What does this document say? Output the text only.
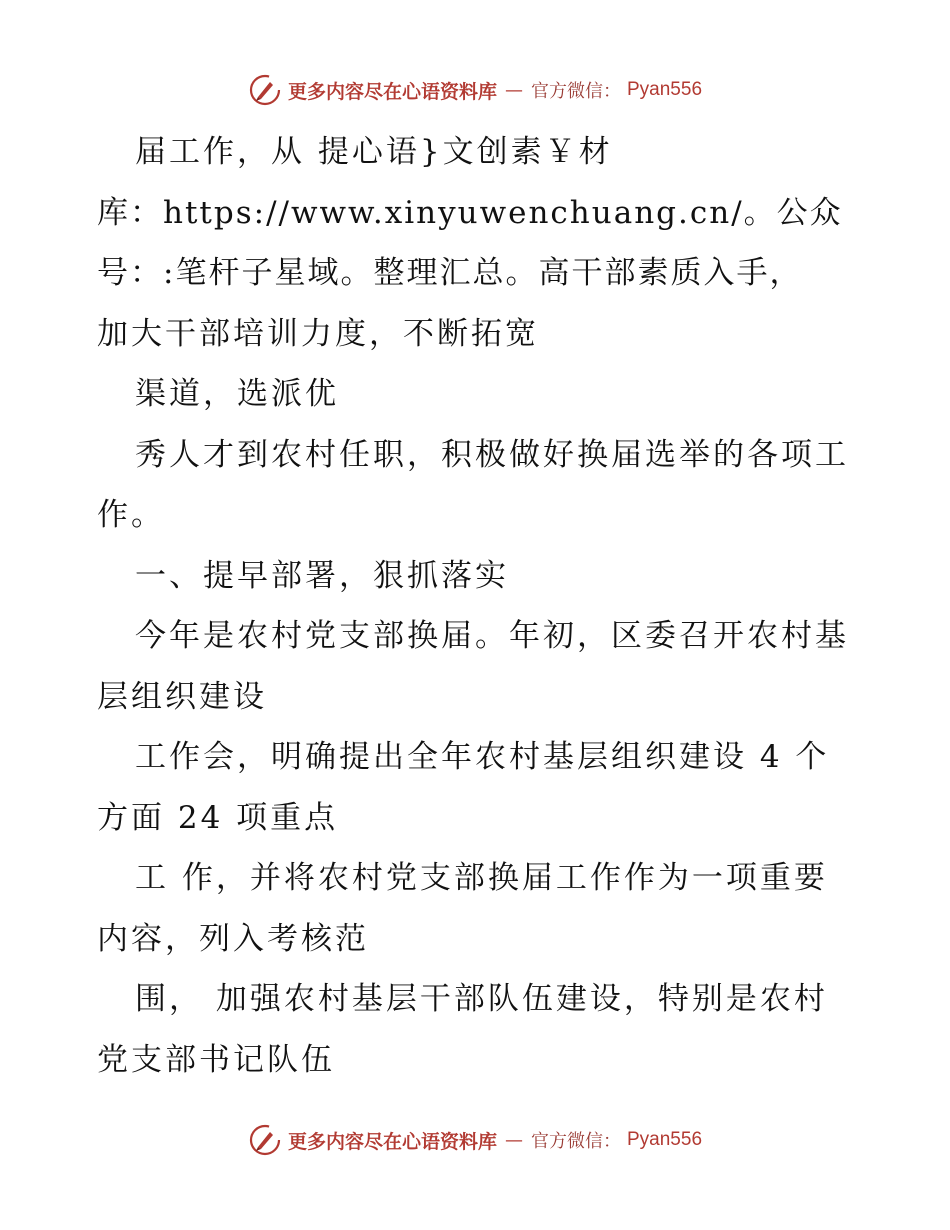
更多内容尽在心语资料库 — 官方微信： Pyan556
届工作，从 提心语}文创素￥材
库：https://www.xinyuwenchuang.cn/。公众
号：:笔杆子星域。整理汇总。高干部素质入手，
加大干部培训力度，不断拓宽
渠道，选派优
秀人才到农村任职，积极做好换届选举的各项工
作。
一、提早部署，狠抓落实
今年是农村党支部换届。年初，区委召开农村基
层组织建设
工作会，明确提出全年农村基层组织建设 4 个
方面 24 项重点
工 作，并将农村党支部换届工作作为一项重要
内容，列入考核范
围， 加强农村基层干部队伍建设，特别是农村
党支部书记队伍
更多内容尽在心语资料库 — 官方微信： Pyan556
